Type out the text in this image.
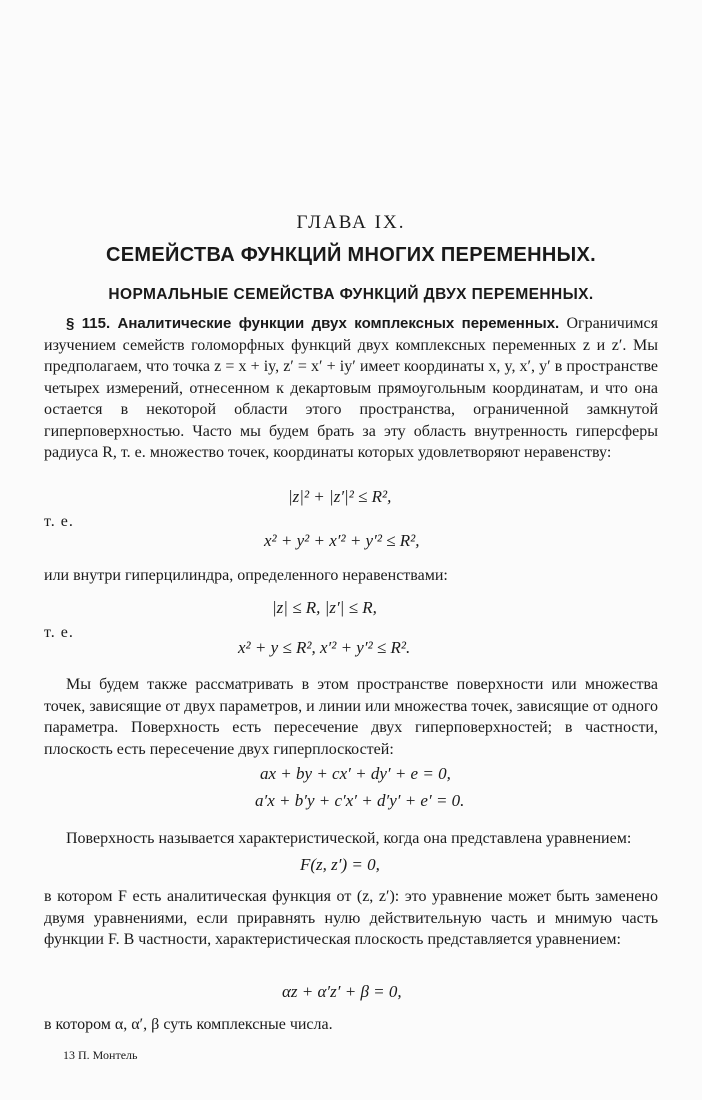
ГЛАВА IX.
СЕМЕЙСТВА ФУНКЦИЙ МНОГИХ ПЕРЕМЕННЫХ.
НОРМАЛЬНЫЕ СЕМЕЙСТВА ФУНКЦИЙ ДВУХ ПЕРЕМЕННЫХ.

§ 115. Аналитические функции двух комплексных переменных. Ограничимся изучением семейств голоморфных функций двух комплексных переменных z и z′. Мы предполагаем, что точка z = x + iy, z′ = x′ + iy′ имеет координаты x, y, x′, y′ в пространстве четырех измерений, отнесенном к декартовым прямоугольным координатам, и что она остается в некоторой области этого пространства, ограниченной замкнутой гиперповерхностью. Часто мы будем брать за эту область внутренность гиперсферы радиуса R, т. е. множество точек, координаты которых удовлетворяют неравенству:

|z|² + |z′|² ≤ R²,
т. е.
x² + y² + x′² + y′² ≤ R²,

или внутри гиперцилиндра, определенного неравенствами:

|z| ≤ R, |z′| ≤ R,
т. е.
x² + y ≤ R², x′² + y′² ≤ R².

Мы будем также рассматривать в этом пространстве поверхности или множества точек, зависящие от двух параметров, и линии или множества точек, зависящие от одного параметра. Поверхность есть пересечение двух гиперповерхностей; в частности, плоскость есть пересечение двух гиперплоскостей:

ax + by + cx′ + dy′ + e = 0,
a′x + b′y + c′x′ + d′y′ + e′ = 0.

Поверхность называется характеристической, когда она представлена уравнением:

F(z, z′) = 0,

в котором F есть аналитическая функция от (z, z′): это уравнение может быть заменено двумя уравнениями, если приравнять нулю действительную часть и мнимую часть функции F. В частности, характеристическая плоскость представляется уравнением:

αz + α′z′ + β = 0,

в котором α, α′, β суть комплексные числа.

13 П. Монтель
